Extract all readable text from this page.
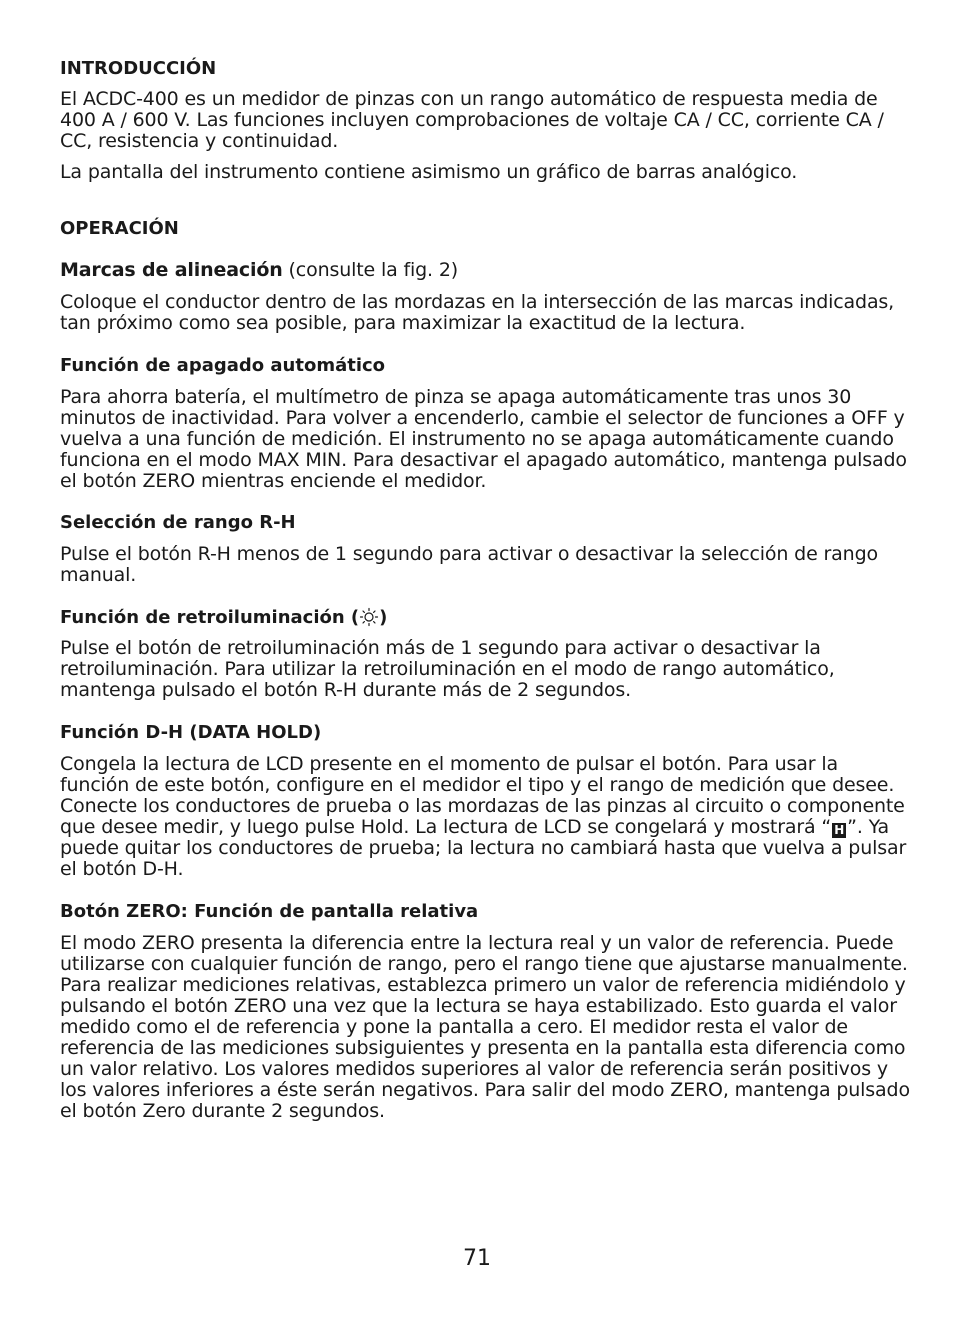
INTRODUCCIÓN

El ACDC-400 es un medidor de pinzas con un rango automático de respuesta media de 400 A / 600 V. Las funciones incluyen comprobaciones de voltaje CA / CC, corriente CA / CC, resistencia y continuidad.

La pantalla del instrumento contiene asimismo un gráfico de barras analógico.

OPERACIÓN

Marcas de alineación (consulte la fig. 2)

Coloque el conductor dentro de las mordazas en la intersección de las marcas indicadas, tan próximo como sea posible, para maximizar la exactitud de la lectura.

Función de apagado automático

Para ahorra batería, el multímetro de pinza se apaga automáticamente tras unos 30 minutos de inactividad. Para volver a encenderlo, cambie el selector de funciones a OFF y vuelva a una función de medición. El instrumento no se apaga automáticamente cuando funciona en el modo MAX MIN. Para desactivar el apagado automático, mantenga pulsado el botón ZERO mientras enciende el medidor.

Selección de rango R-H

Pulse el botón R-H menos de 1 segundo para activar o desactivar la selección de rango manual.

Función de retroiluminación ( )

Pulse el botón de retroiluminación más de 1 segundo para activar o desactivar la retroiluminación. Para utilizar la retroiluminación en el modo de rango automático, mantenga pulsado el botón R-H durante más de 2 segundos.

Función D-H (DATA HOLD)

Congela la lectura de LCD presente en el momento de pulsar el botón. Para usar la función de este botón, configure en el medidor el tipo y el rango de medición que desee. Conecte los conductores de prueba o las mordazas de las pinzas al circuito o componente que desee medir, y luego pulse Hold. La lectura de LCD se congelará y mostrará “ H ”. Ya puede quitar los conductores de prueba; la lectura no cambiará hasta que vuelva a pulsar el botón D-H.

Botón ZERO: Función de pantalla relativa

El modo ZERO presenta la diferencia entre la lectura real y un valor de referencia. Puede utilizarse con cualquier función de rango, pero el rango tiene que ajustarse manualmente. Para realizar mediciones relativas, establezca primero un valor de referencia midiéndolo y pulsando el botón ZERO una vez que la lectura se haya estabilizado. Esto guarda el valor medido como el de referencia y pone la pantalla a cero. El medidor resta el valor de referencia de las mediciones subsiguientes y presenta en la pantalla esta diferencia como un valor relativo. Los valores medidos superiores al valor de referencia serán positivos y los valores inferiores a éste serán negativos. Para salir del modo ZERO, mantenga pulsado el botón Zero durante 2 segundos.

71
